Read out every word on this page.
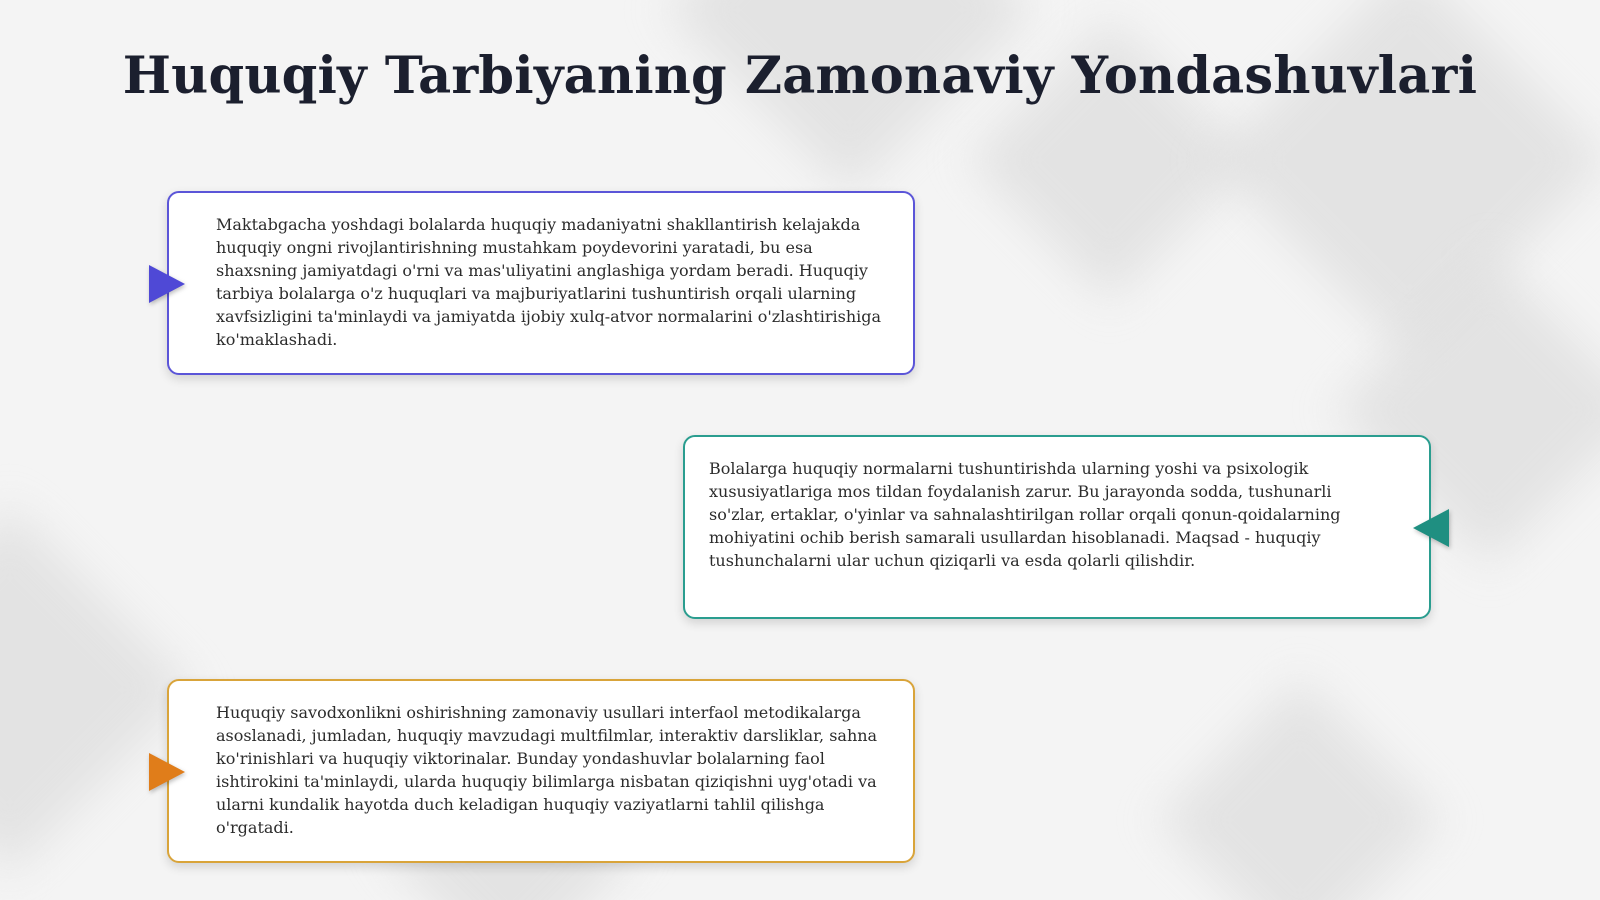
Huquqiy Tarbiyaning Zamonaviy Yondashuvlari

Maktabgacha yoshdagi bolalarda huquqiy madaniyatni shakllantirish kelajakda huquqiy ongni rivojlantirishning mustahkam poydevorini yaratadi, bu esa shaxsning jamiyatdagi o'rni va mas'uliyatini anglashiga yordam beradi. Huquqiy tarbiya bolalarga o'z huquqlari va majburiyatlarini tushuntirish orqali ularning xavfsizligini ta'minlaydi va jamiyatda ijobiy xulq-atvor normalarini o'zlashtirishiga ko'maklashadi.

Bolalarga huquqiy normalarni tushuntirishda ularning yoshi va psixologik xususiyatlariga mos tildan foydalanish zarur. Bu jarayonda sodda, tushunarli so'zlar, ertaklar, o'yinlar va sahnalashtirilgan rollar orqali qonun-qoidalarning mohiyatini ochib berish samarali usullardan hisoblanadi. Maqsad - huquqiy tushunchalarni ular uchun qiziqarli va esda qolarli qilishdir.

Huquqiy savodxonlikni oshirishning zamonaviy usullari interfaol metodikalarga asoslanadi, jumladan, huquqiy mavzudagi multfilmlar, interaktiv darsliklar, sahna ko'rinishlari va huquqiy viktorinalar. Bunday yondashuvlar bolalarning faol ishtirokini ta'minlaydi, ularda huquqiy bilimlarga nisbatan qiziqishni uyg'otadi va ularni kundalik hayotda duch keladigan huquqiy vaziyatlarni tahlil qilishga o'rgatadi.
